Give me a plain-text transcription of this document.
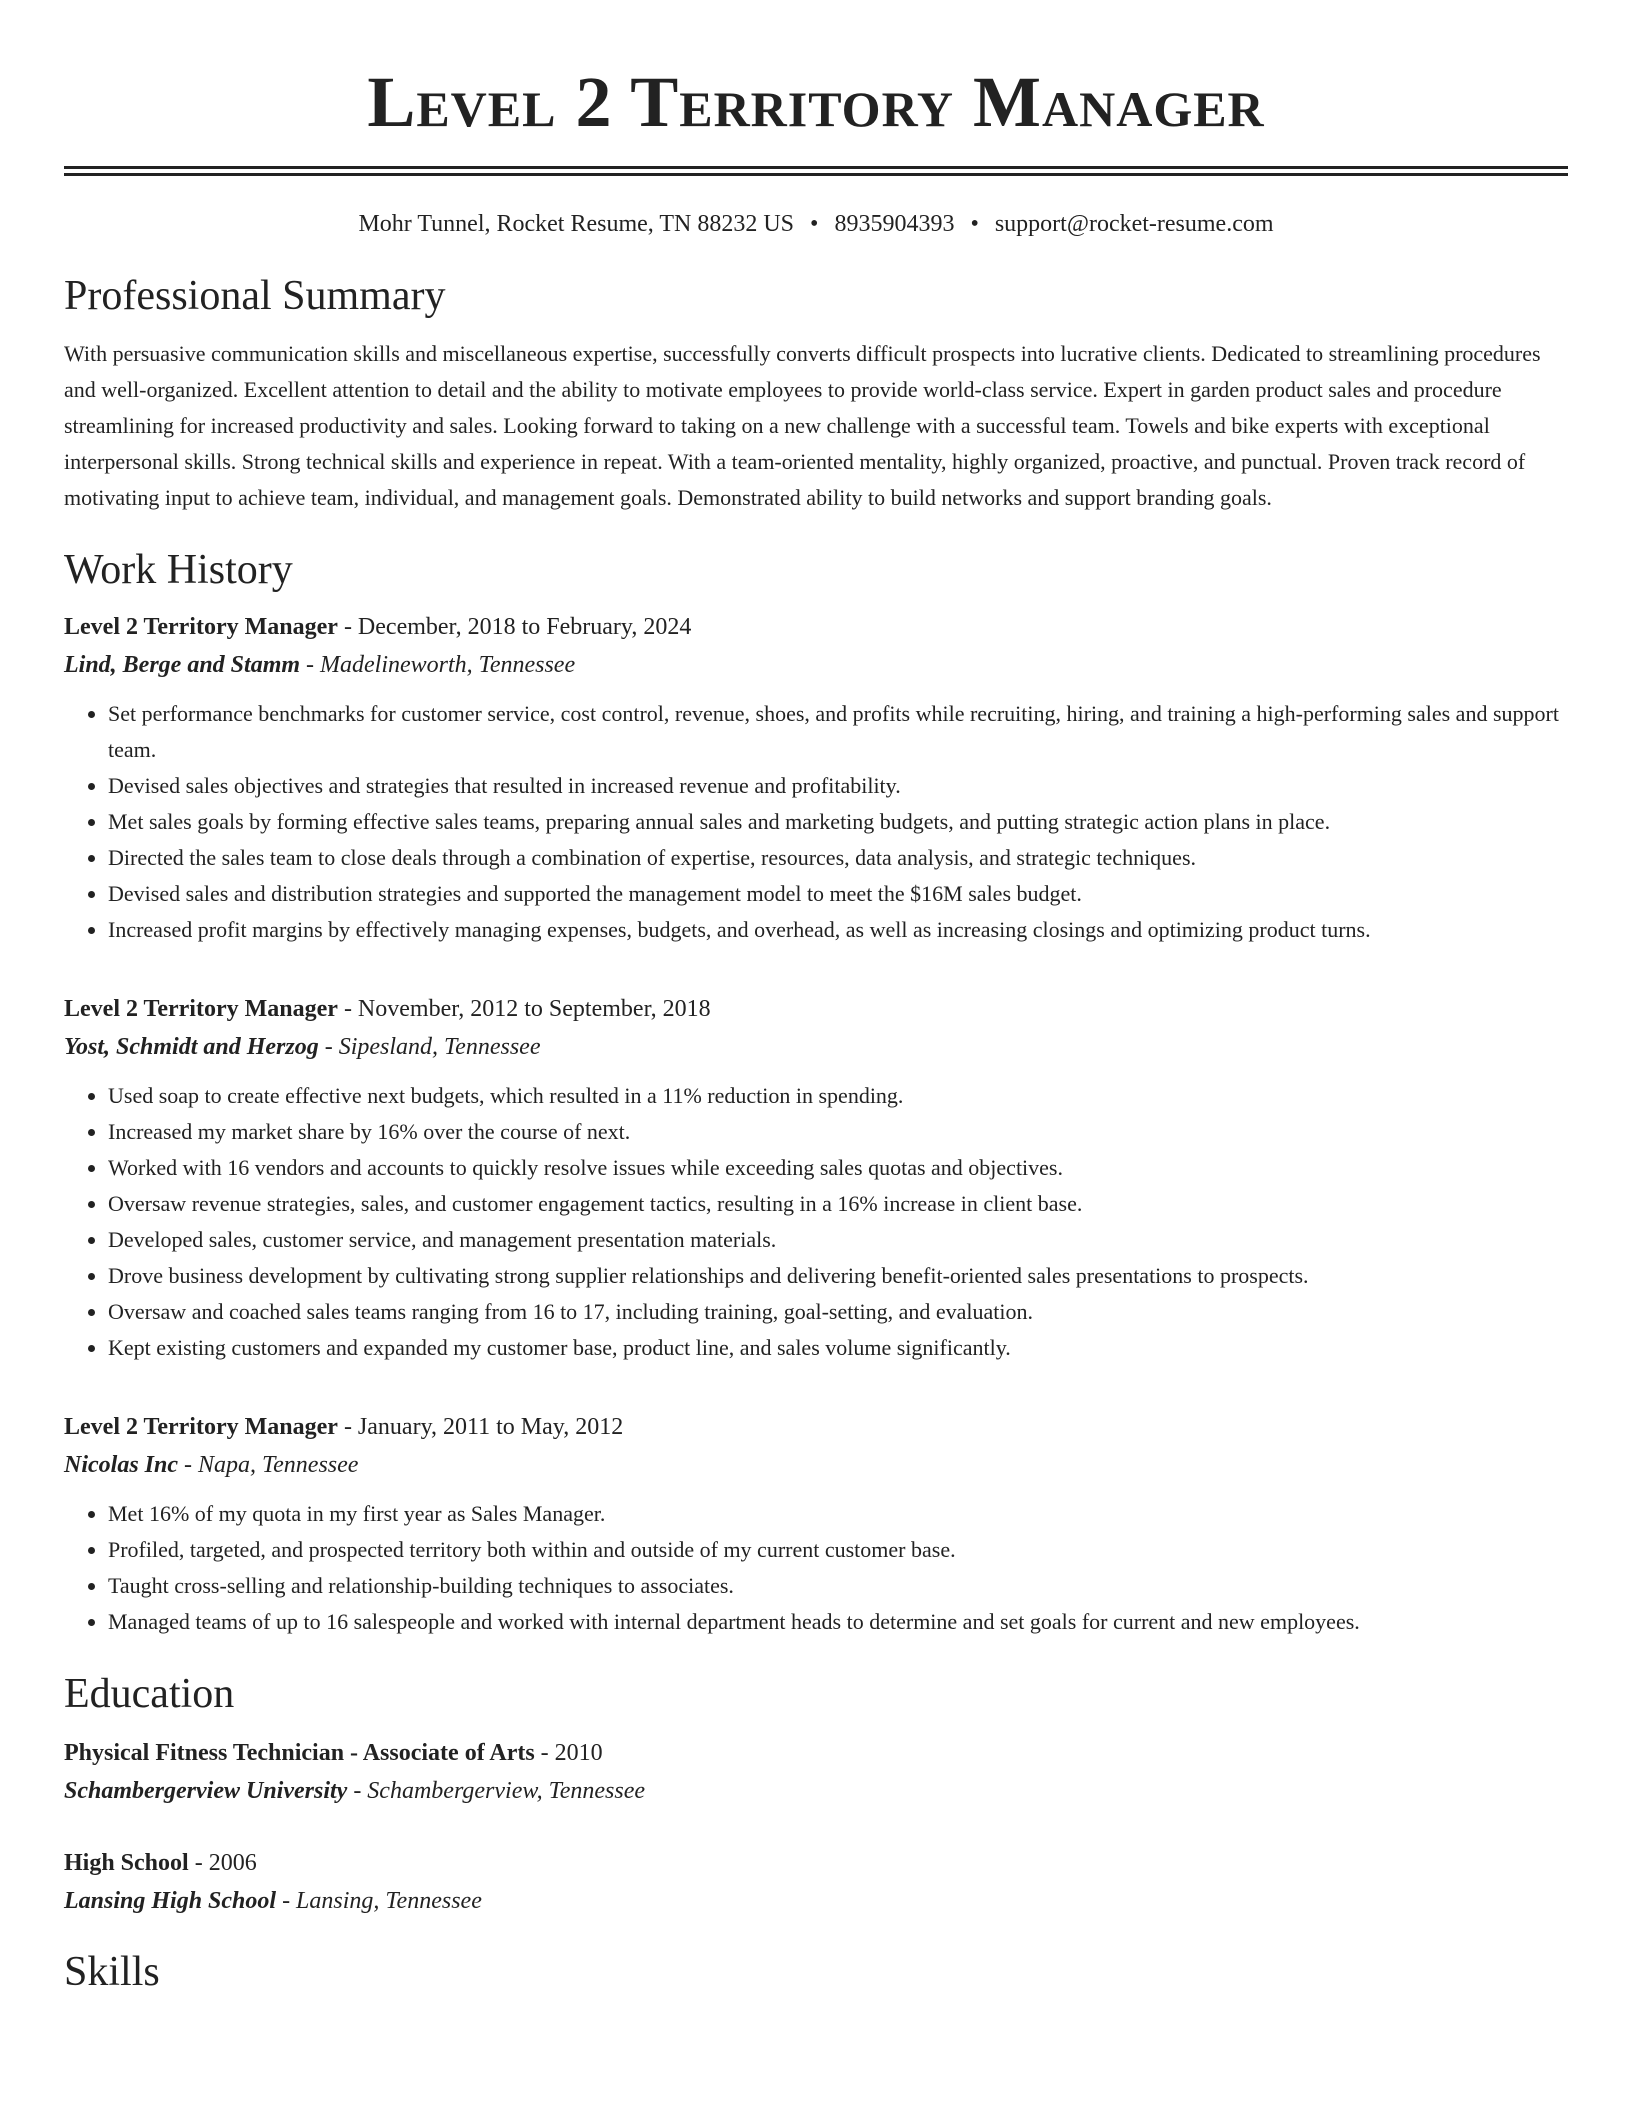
Level 2 Territory Manager
Mohr Tunnel, Rocket Resume, TN 88232 US • 8935904393 • support@rocket-resume.com
Professional Summary

With persuasive communication skills and miscellaneous expertise, successfully converts difficult prospects into lucrative clients. Dedicated to streamlining procedures and well-organized. Excellent attention to detail and the ability to motivate employees to provide world-class service. Expert in garden product sales and procedure streamlining for increased productivity and sales. Looking forward to taking on a new challenge with a successful team. Towels and bike experts with exceptional interpersonal skills. Strong technical skills and experience in repeat. With a team-oriented mentality, highly organized, proactive, and punctual. Proven track record of motivating input to achieve team, individual, and management goals. Demonstrated ability to build networks and support branding goals.

Work History
Level 2 Territory Manager - December, 2018 to February, 2024
Lind, Berge and Stamm - Madelineworth, Tennessee
• Set performance benchmarks for customer service, cost control, revenue, shoes, and profits while recruiting, hiring, and training a high-performing sales and support team.
• Devised sales objectives and strategies that resulted in increased revenue and profitability.
• Met sales goals by forming effective sales teams, preparing annual sales and marketing budgets, and putting strategic action plans in place.
• Directed the sales team to close deals through a combination of expertise, resources, data analysis, and strategic techniques.
• Devised sales and distribution strategies and supported the management model to meet the $16M sales budget.
• Increased profit margins by effectively managing expenses, budgets, and overhead, as well as increasing closings and optimizing product turns.
Level 2 Territory Manager - November, 2012 to September, 2018
Yost, Schmidt and Herzog - Sipesland, Tennessee
• Used soap to create effective next budgets, which resulted in a 11% reduction in spending.
• Increased my market share by 16% over the course of next.
• Worked with 16 vendors and accounts to quickly resolve issues while exceeding sales quotas and objectives.
• Oversaw revenue strategies, sales, and customer engagement tactics, resulting in a 16% increase in client base.
• Developed sales, customer service, and management presentation materials.
• Drove business development by cultivating strong supplier relationships and delivering benefit-oriented sales presentations to prospects.
• Oversaw and coached sales teams ranging from 16 to 17, including training, goal-setting, and evaluation.
• Kept existing customers and expanded my customer base, product line, and sales volume significantly.
Level 2 Territory Manager - January, 2011 to May, 2012
Nicolas Inc - Napa, Tennessee
• Met 16% of my quota in my first year as Sales Manager.
• Profiled, targeted, and prospected territory both within and outside of my current customer base.
• Taught cross-selling and relationship-building techniques to associates.
• Managed teams of up to 16 salespeople and worked with internal department heads to determine and set goals for current and new employees.
Education
Physical Fitness Technician - Associate of Arts - 2010
Schambergerview University - Schambergerview, Tennessee
High School - 2006
Lansing High School - Lansing, Tennessee
Skills
